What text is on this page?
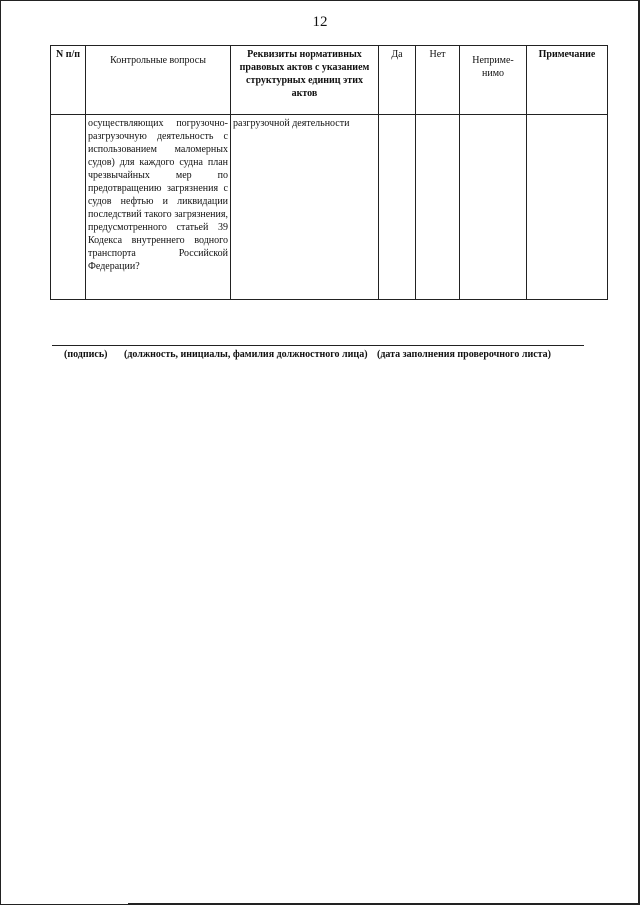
12
N п/п	Контрольные вопросы	Реквизиты нормативных правовых актов с указанием структурных единиц этих актов	Да	Нет	Неприме-нимо	Примечание
	осуществляющих погрузочно-разгрузочную деятельность с использованием маломерных судов) для каждого судна план чрезвычайных мер по предотвращению загрязнения с судов нефтью и ликвидации последствий такого загрязнения, предусмотренного статьей 39 Кодекса внутреннего водного транспорта Российской Федерации?	разгрузочной деятельности				
(подпись) (должность, инициалы, фамилия должностного лица) (дата заполнения проверочного листа)
